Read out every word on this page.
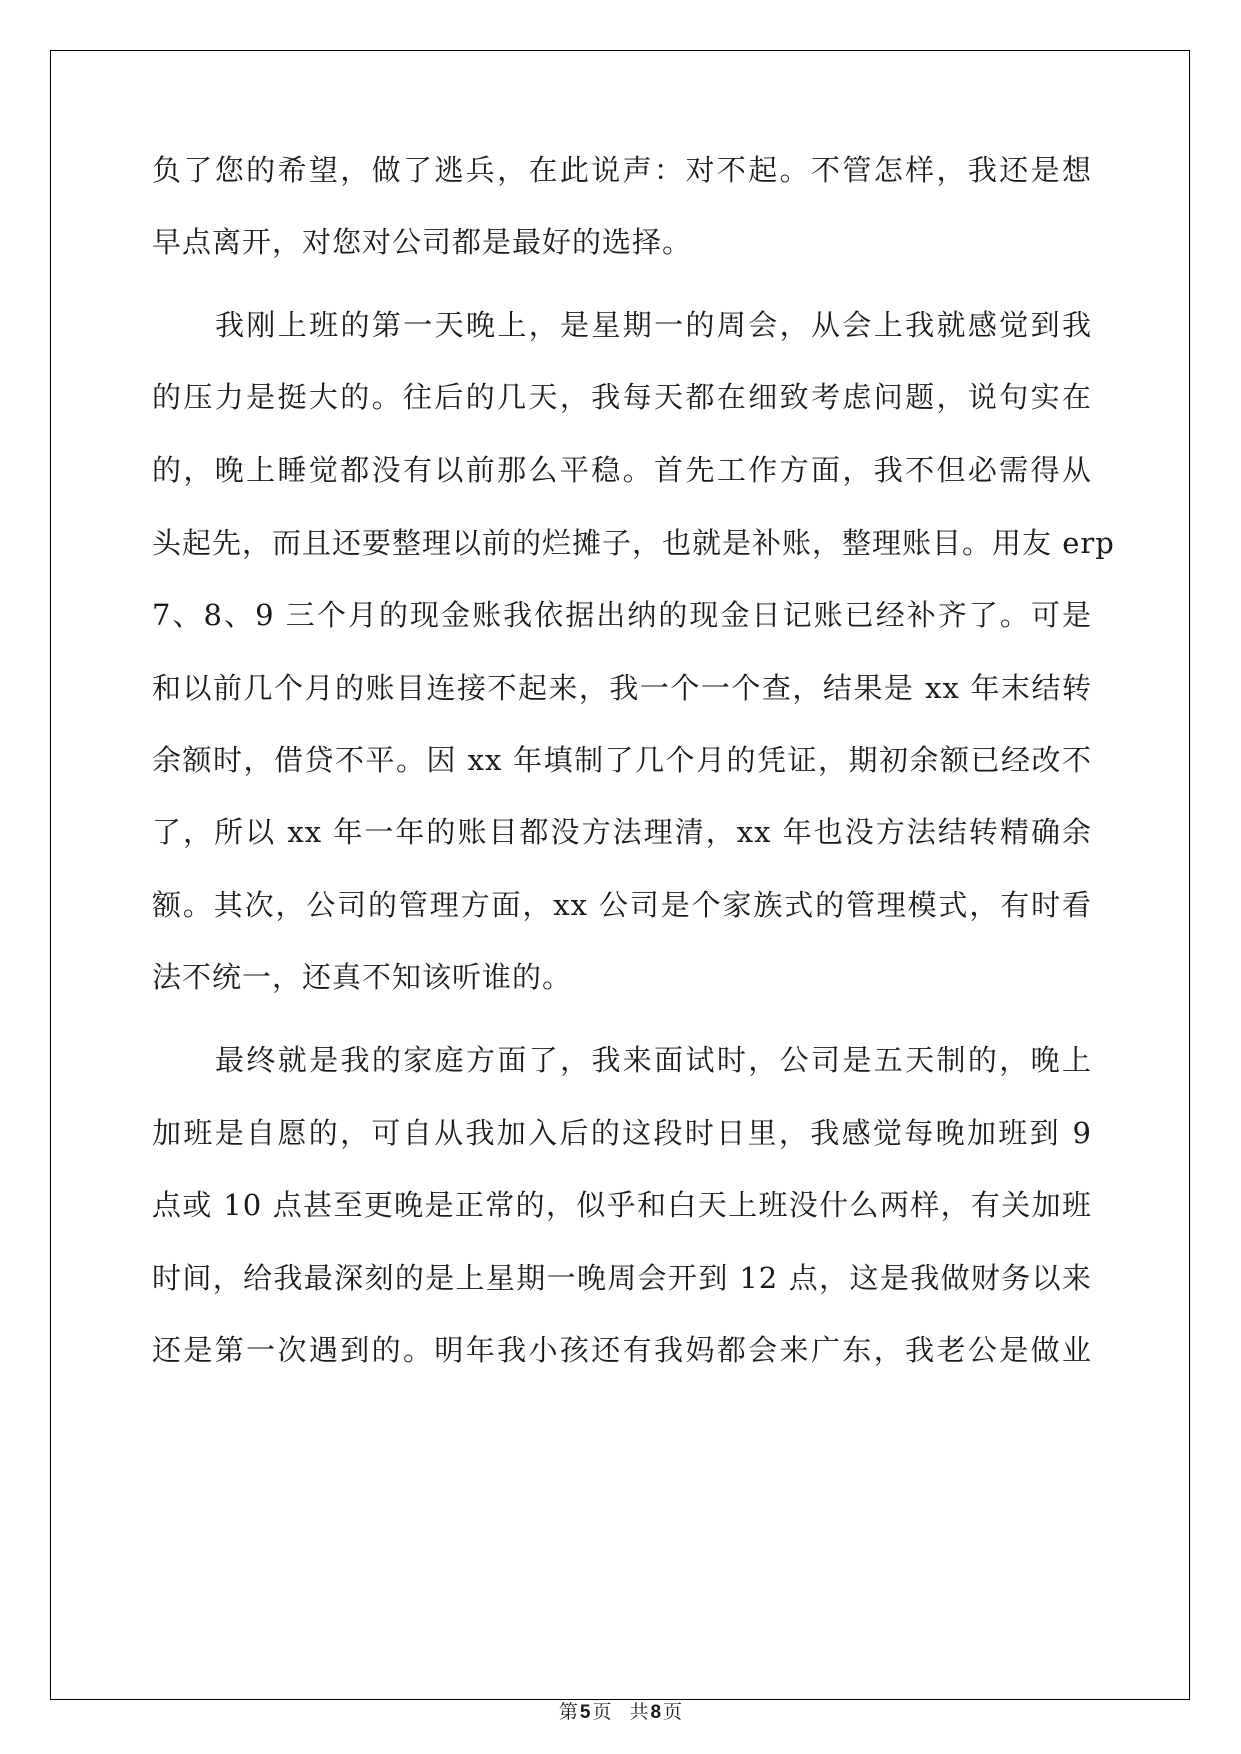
负了您的希望，做了逃兵，在此说声：对不起。不管怎样，我还是想
早点离开，对您对公司都是最好的选择。
我刚上班的第一天晚上，是星期一的周会，从会上我就感觉到我
的压力是挺大的。往后的几天，我每天都在细致考虑问题，说句实在
的，晚上睡觉都没有以前那么平稳。首先工作方面，我不但必需得从
头起先，而且还要整理以前的烂摊子，也就是补账，整理账目。用友 erp
7、8、9 三个月的现金账我依据出纳的现金日记账已经补齐了。可是
和以前几个月的账目连接不起来，我一个一个查，结果是 xx 年末结转
余额时，借贷不平。因 xx 年填制了几个月的凭证，期初余额已经改不
了，所以 xx 年一年的账目都没方法理清，xx 年也没方法结转精确余
额。其次，公司的管理方面，xx 公司是个家族式的管理模式，有时看
法不统一，还真不知该听谁的。
最终就是我的家庭方面了，我来面试时，公司是五天制的，晚上
加班是自愿的，可自从我加入后的这段时日里，我感觉每晚加班到 9
点或 10 点甚至更晚是正常的，似乎和白天上班没什么两样，有关加班
时间，给我最深刻的是上星期一晚周会开到 12 点，这是我做财务以来
还是第一次遇到的。明年我小孩还有我妈都会来广东，我老公是做业
第 5 页 共 8 页
